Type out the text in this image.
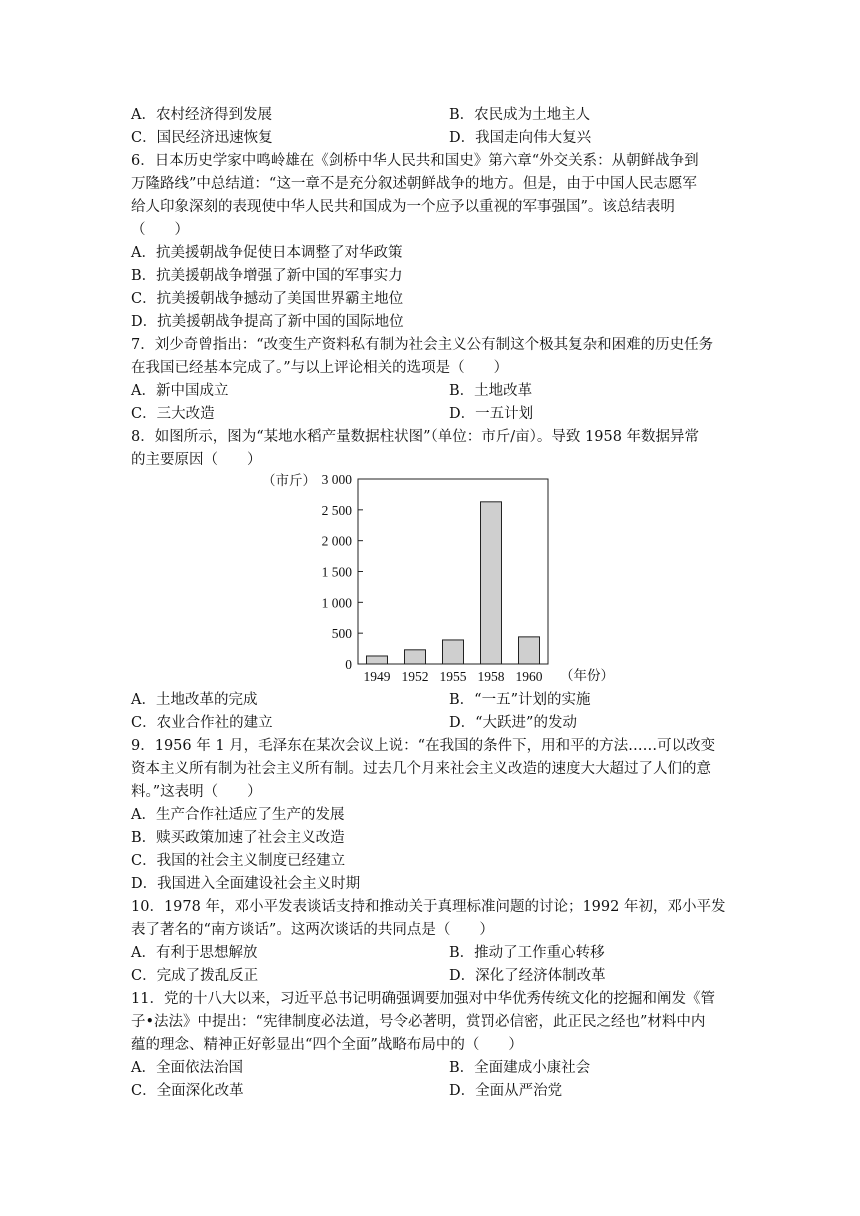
A．农村经济得到发展	B．农民成为土地主人
C．国民经济迅速恢复	D．我国走向伟大复兴
6．日本历史学家中鸣岭雄在《剑桥中华人民共和国史》第六章“外交关系：从朝鲜战争到
万隆路线”中总结道：“这一章不是充分叙述朝鲜战争的地方。但是，由于中国人民志愿军
给人印象深刻的表现使中华人民共和国成为一个应予以重视的军事强国”。该总结表明
（　　）
A．抗美援朝战争促使日本调整了对华政策
B．抗美援朝战争增强了新中国的军事实力
C．抗美援朝战争撼动了美国世界霸主地位
D．抗美援朝战争提高了新中国的国际地位
7．刘少奇曾指出：“改变生产资料私有制为社会主义公有制这个极其复杂和困难的历史任务
在我国已经基本完成了。”与以上评论相关的选项是（　　）
A．新中国成立	B．土地改革
C．三大改造	D．一五计划
8．如图所示，图为“某地水稻产量数据柱状图”（单位：市斤/亩）。导致 1958 年数据异常
的主要原因（　　）
（市斤）
0
500
1 000
1 500
2 000
2 500
3 000
1949 1952 1955 1958 1960 （年份）
A．土地改革的完成	B．“一五”计划的实施
C．农业合作社的建立	D．“大跃进”的发动
9．1956 年 1 月，毛泽东在某次会议上说：“在我国的条件下，用和平的方法……可以改变
资本主义所有制为社会主义所有制。过去几个月来社会主义改造的速度大大超过了人们的意
料。”这表明（　　）
A．生产合作社适应了生产的发展
B．赎买政策加速了社会主义改造
C．我国的社会主义制度已经建立
D．我国进入全面建设社会主义时期
10．1978 年，邓小平发表谈话支持和推动关于真理标准问题的讨论；1992 年初，邓小平发
表了著名的“南方谈话”。这两次谈话的共同点是（　　）
A．有利于思想解放	B．推动了工作重心转移
C．完成了拨乱反正	D．深化了经济体制改革
11．党的十八大以来，习近平总书记明确强调要加强对中华优秀传统文化的挖掘和阐发《管
子•法法》中提出：“宪律制度必法道，号令必著明，赏罚必信密，此正民之经也”材料中内
蕴的理念、精神正好彰显出“四个全面”战略布局中的（　　）
A．全面依法治国	B．全面建成小康社会
C．全面深化改革	D．全面从严治党
